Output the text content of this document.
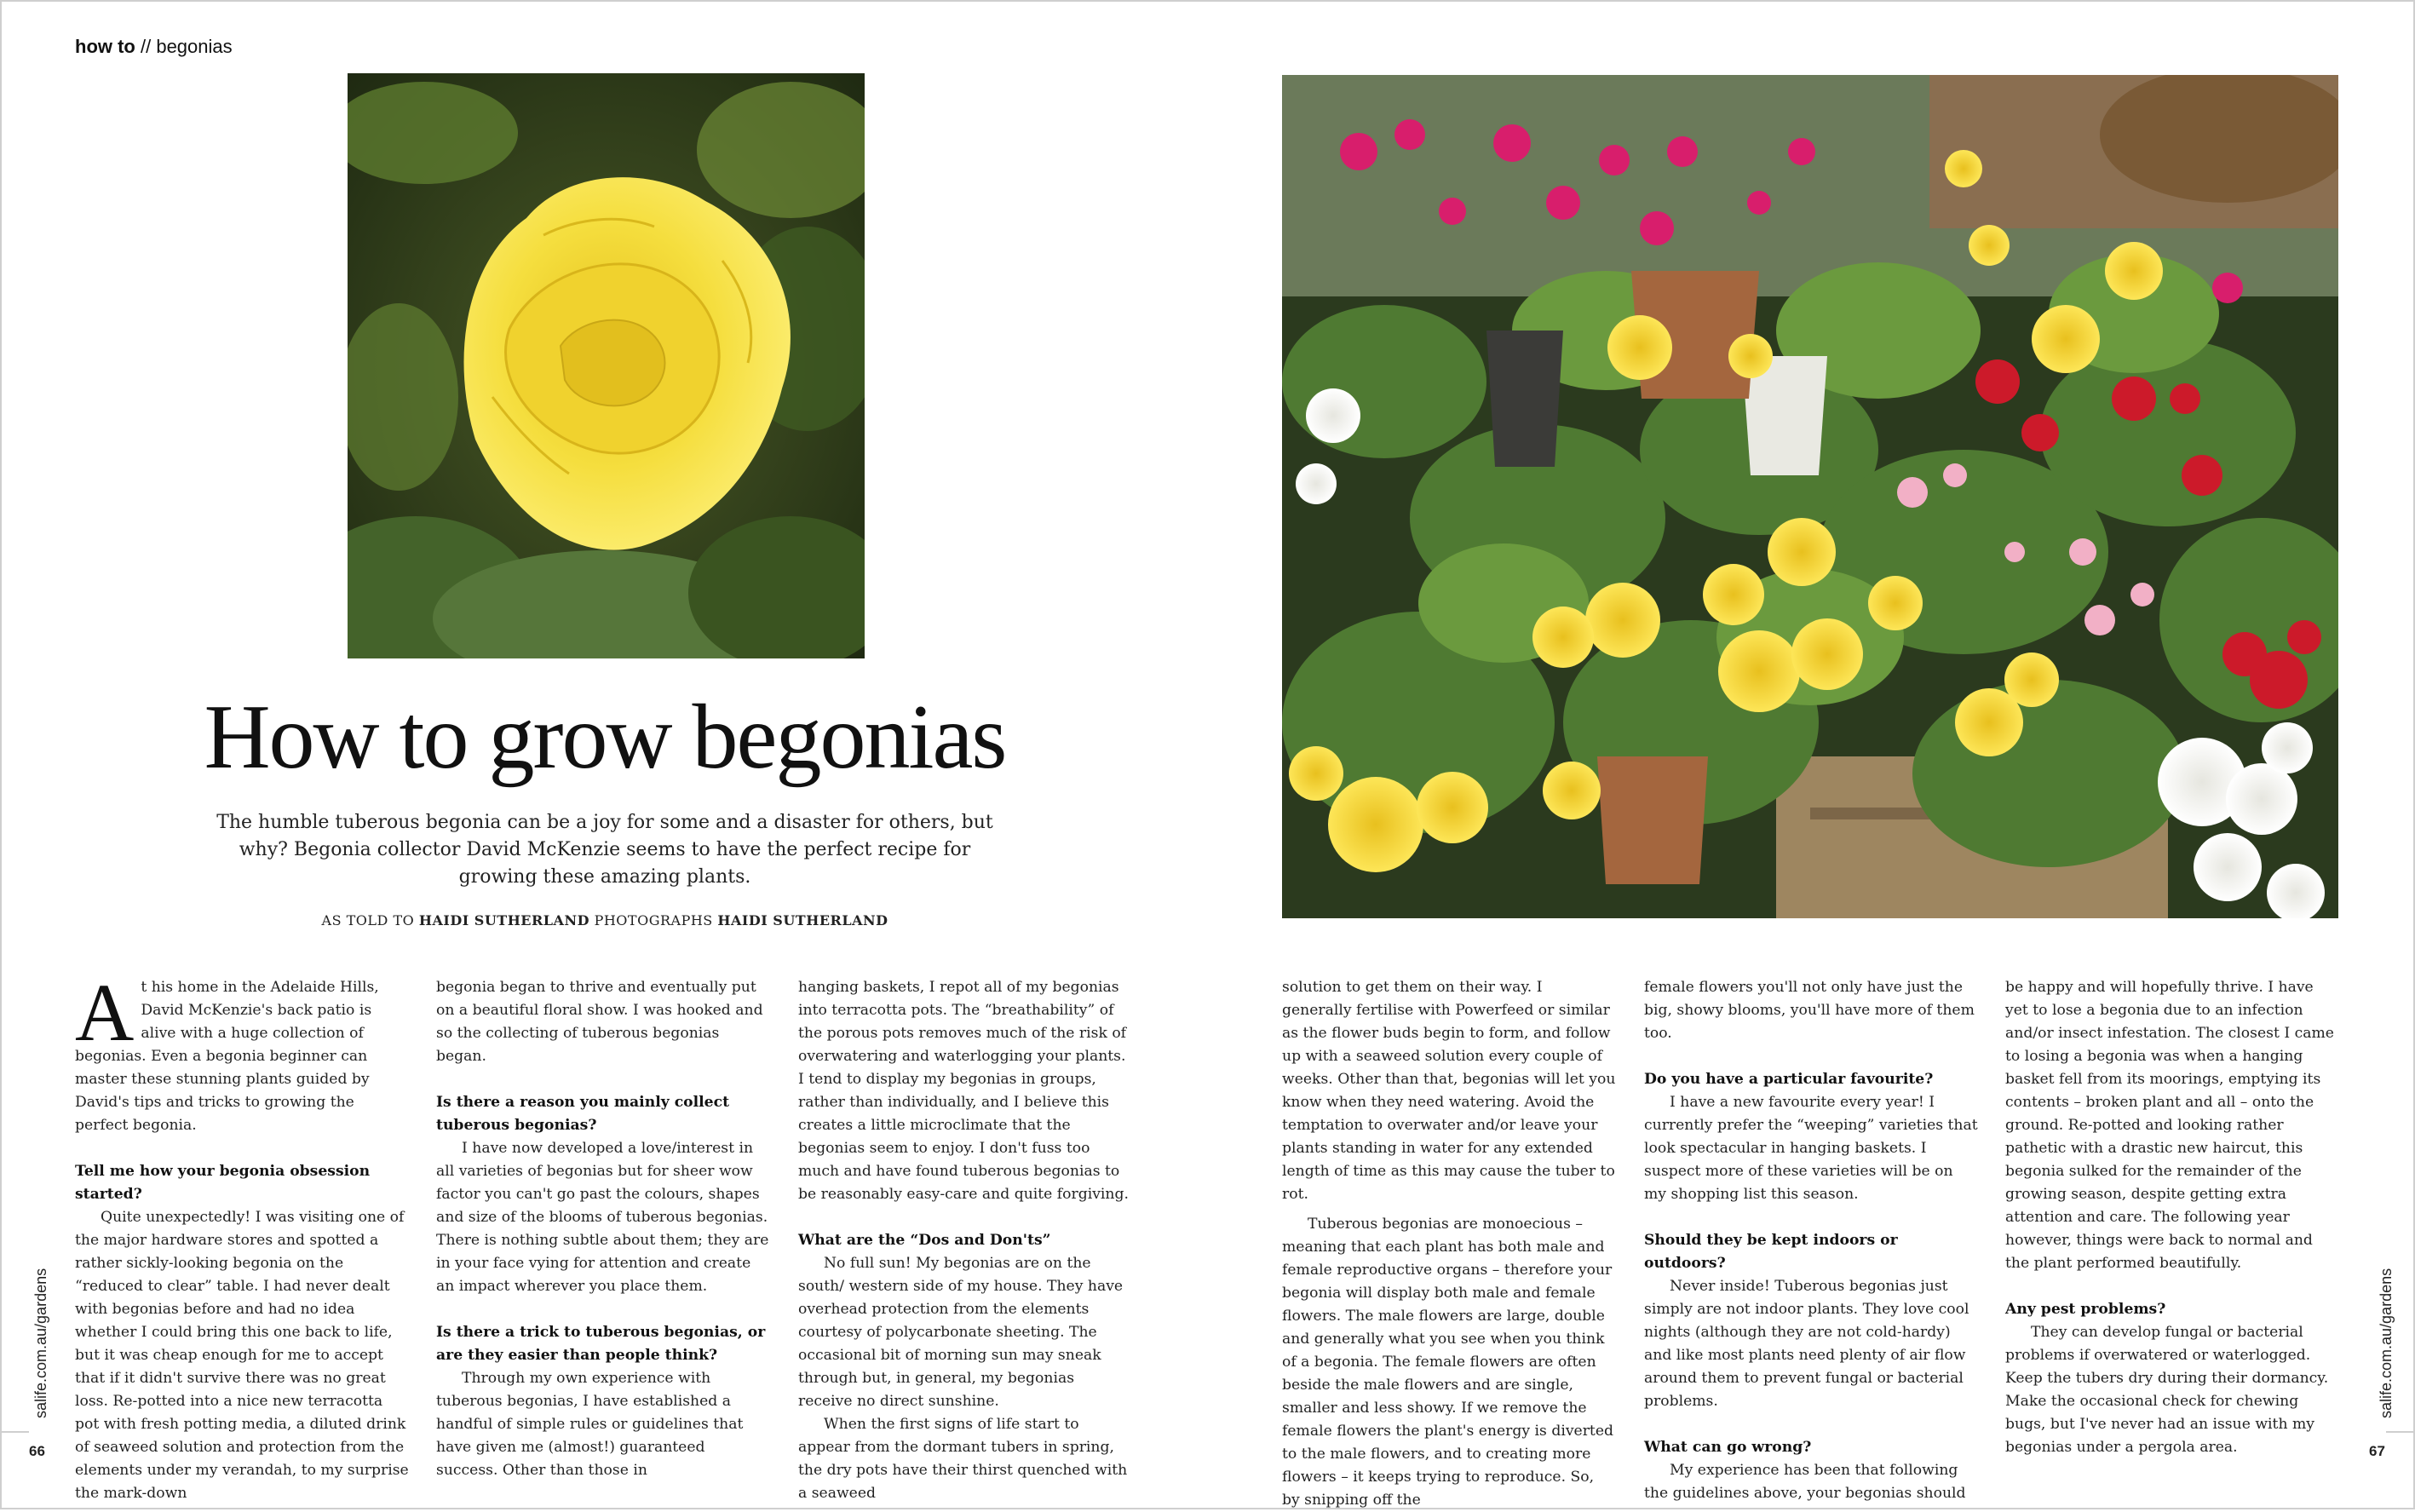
how to // begonias
How to grow begonias
The humble tuberous begonia can be a joy for some and a disaster for others, but why? Begonia collector David McKenzie seems to have the perfect recipe for growing these amazing plants.
AS TOLD TO HAIDI SUTHERLAND PHOTOGRAPHS HAIDI SUTHERLAND

At his home in the Adelaide Hills, David McKenzie's back patio is alive with a huge collection of begonias. Even a begonia beginner can master these stunning plants guided by David's tips and tricks to growing the perfect begonia.

Tell me how your begonia obsession started?

Quite unexpectedly! I was visiting one of the major hardware stores and spotted a rather sickly-looking begonia on the “reduced to clear” table. I had never dealt with begonias before and had no idea whether I could bring this one back to life, but it was cheap enough for me to accept that if it didn't survive there was no great loss. Re-potted into a nice new terracotta pot with fresh potting media, a diluted drink of seaweed solution and protection from the elements under my verandah, to my surprise the mark-down

begonia began to thrive and eventually put on a beautiful floral show. I was hooked and so the collecting of tuberous begonias began.

Is there a reason you mainly collect tuberous begonias?

I have now developed a love/interest in all varieties of begonias but for sheer wow factor you can't go past the colours, shapes and size of the blooms of tuberous begonias. There is nothing subtle about them; they are in your face vying for attention and create an impact wherever you place them.

Is there a trick to tuberous begonias, or are they easier than people think?

Through my own experience with tuberous begonias, I have established a handful of simple rules or guidelines that have given me (almost!) guaranteed success. Other than those in

hanging baskets, I repot all of my begonias into terracotta pots. The “breathability” of the porous pots removes much of the risk of overwatering and waterlogging your plants. I tend to display my begonias in groups, rather than individually, and I believe this creates a little microclimate that the begonias seem to enjoy. I don't fuss too much and have found tuberous begonias to be reasonably easy-care and quite forgiving.

What are the “Dos and Don'ts”

No full sun! My begonias are on the south/ western side of my house. They have overhead protection from the elements courtesy of polycarbonate sheeting. The occasional bit of morning sun may sneak through but, in general, my begonias receive no direct sunshine.

When the first signs of life start to appear from the dormant tubers in spring, the dry pots have their thirst quenched with a seaweed

salife.com.au/gardens
66

solution to get them on their way. I generally fertilise with Powerfeed or similar as the flower buds begin to form, and follow up with a seaweed solution every couple of weeks. Other than that, begonias will let you know when they need watering. Avoid the temptation to overwater and/or leave your plants standing in water for any extended length of time as this may cause the tuber to rot.

Tuberous begonias are monoecious – meaning that each plant has both male and female reproductive organs – therefore your begonia will display both male and female flowers. The male flowers are large, double and generally what you see when you think of a begonia. The female flowers are often beside the male flowers and are single, smaller and less showy. If we remove the female flowers the plant's energy is diverted to the male flowers, and to creating more flowers – it keeps trying to reproduce. So, by snipping off the

female flowers you'll not only have just the big, showy blooms, you'll have more of them too.

Do you have a particular favourite?

I have a new favourite every year! I currently prefer the “weeping” varieties that look spectacular in hanging baskets. I suspect more of these varieties will be on my shopping list this season.

Should they be kept indoors or outdoors?

Never inside! Tuberous begonias just simply are not indoor plants. They love cool nights (although they are not cold-hardy) and like most plants need plenty of air flow around them to prevent fungal or bacterial problems.

What can go wrong?

My experience has been that following the guidelines above, your begonias should

be happy and will hopefully thrive. I have yet to lose a begonia due to an infection and/or insect infestation. The closest I came to losing a begonia was when a hanging basket fell from its moorings, emptying its contents – broken plant and all – onto the ground. Re-potted and looking rather pathetic with a drastic new haircut, this begonia sulked for the remainder of the growing season, despite getting extra attention and care. The following year however, things were back to normal and the plant performed beautifully.

Any pest problems?

They can develop fungal or bacterial problems if overwatered or waterlogged. Keep the tubers dry during their dormancy. Make the occasional check for chewing bugs, but I've never had an issue with my begonias under a pergola area.

salife.com.au/gardens
67
